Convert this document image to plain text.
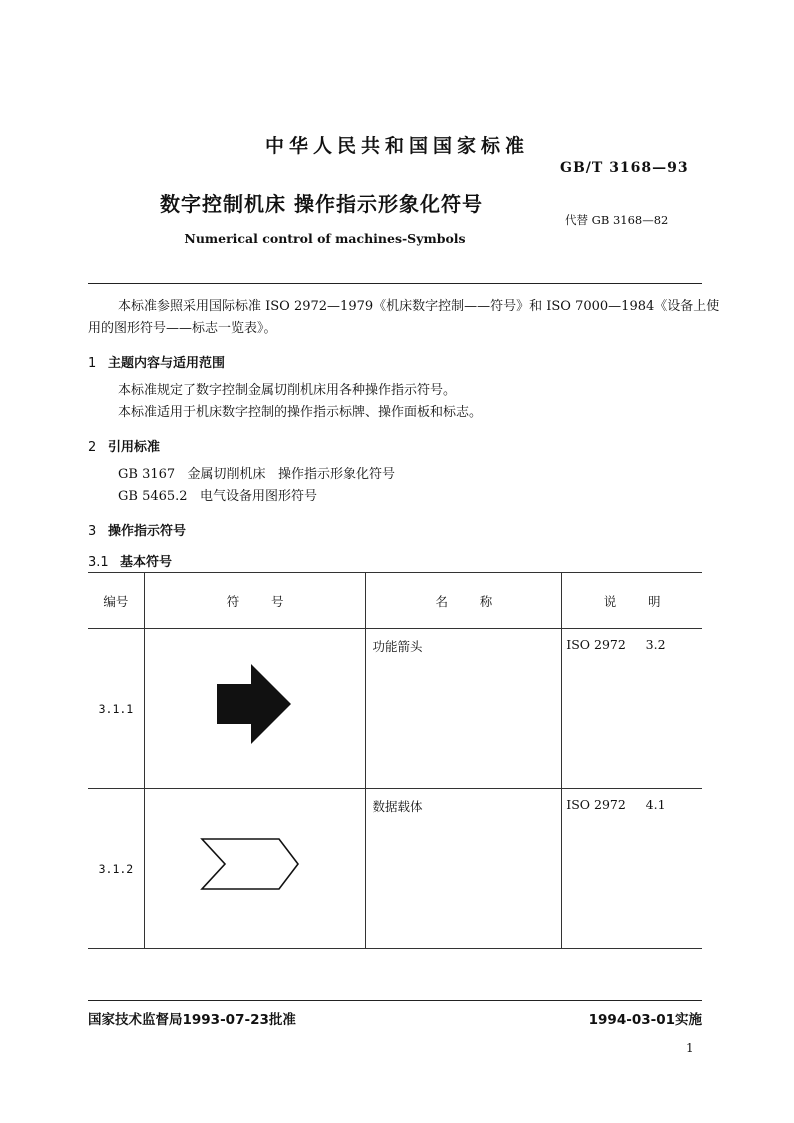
中华人民共和国国家标准
GB/T 3168—93
数字控制机床 操作指示形象化符号
代替 GB 3168—82
Numerical control of machines-Symbols
本标准参照采用国际标准 ISO 2972—1979《机床数字控制——符号》和 ISO 7000—1984《设备上使
用的图形符号——标志一览表》。
1 主题内容与适用范围
本标准规定了数字控制金属切削机床用各种操作指示符号。
本标准适用于机床数字控制的操作指示标牌、操作面板和标志。
2 引用标准
GB 3167   金属切削机床   操作指示形象化符号
GB 5465.2   电气设备用图形符号
3 操作指示符号
3.1 基本符号
编号	符        号	名        称	说        明
3.1.1		功能箭头	ISO 2972     3.2
3.1.2		数据载体	ISO 2972     4.1
国家技术监督局1993-07-23批准	1994-03-01实施
1
